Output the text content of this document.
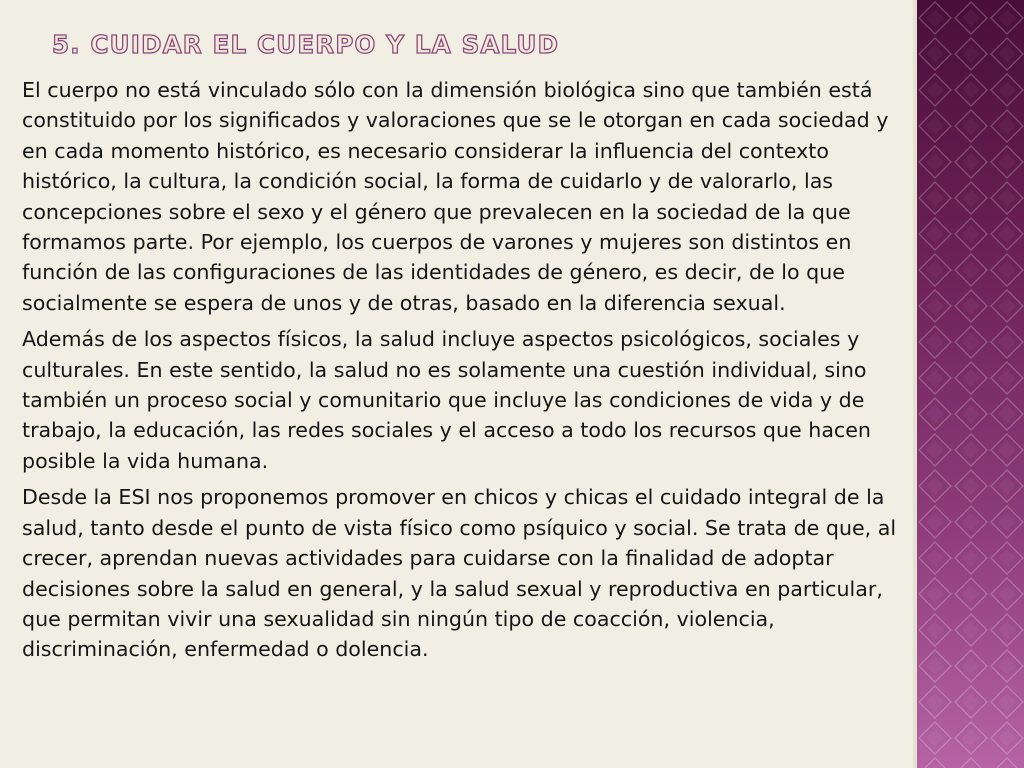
5. CUIDAR EL CUERPO Y LA SALUD

El cuerpo no está vinculado sólo con la dimensión biológica sino que también está constituido por los significados y valoraciones que se le otorgan en cada sociedad y en cada momento histórico, es necesario considerar la influencia del contexto histórico, la cultura, la condición social, la forma de cuidarlo y de valorarlo, las concepciones sobre el sexo y el género que prevalecen en la sociedad de la que formamos parte. Por ejemplo, los cuerpos de varones y mujeres son distintos en función de las configuraciones de las identidades de género, es decir, de lo que socialmente se espera de unos y de otras, basado en la diferencia sexual.

Además de los aspectos físicos, la salud incluye aspectos psicológicos, sociales y culturales. En este sentido, la salud no es solamente una cuestión individual, sino también un proceso social y comunitario que incluye las condiciones de vida y de trabajo, la educación, las redes sociales y el acceso a todo los recursos que hacen posible la vida humana.

Desde la ESI nos proponemos promover en chicos y chicas el cuidado integral de la salud, tanto desde el punto de vista físico como psíquico y social. Se trata de que, al crecer, aprendan nuevas actividades para cuidarse con la finalidad de adoptar decisiones sobre la salud en general, y la salud sexual y reproductiva en particular, que permitan vivir una sexualidad sin ningún tipo de coacción, violencia, discriminación, enfermedad o dolencia.
